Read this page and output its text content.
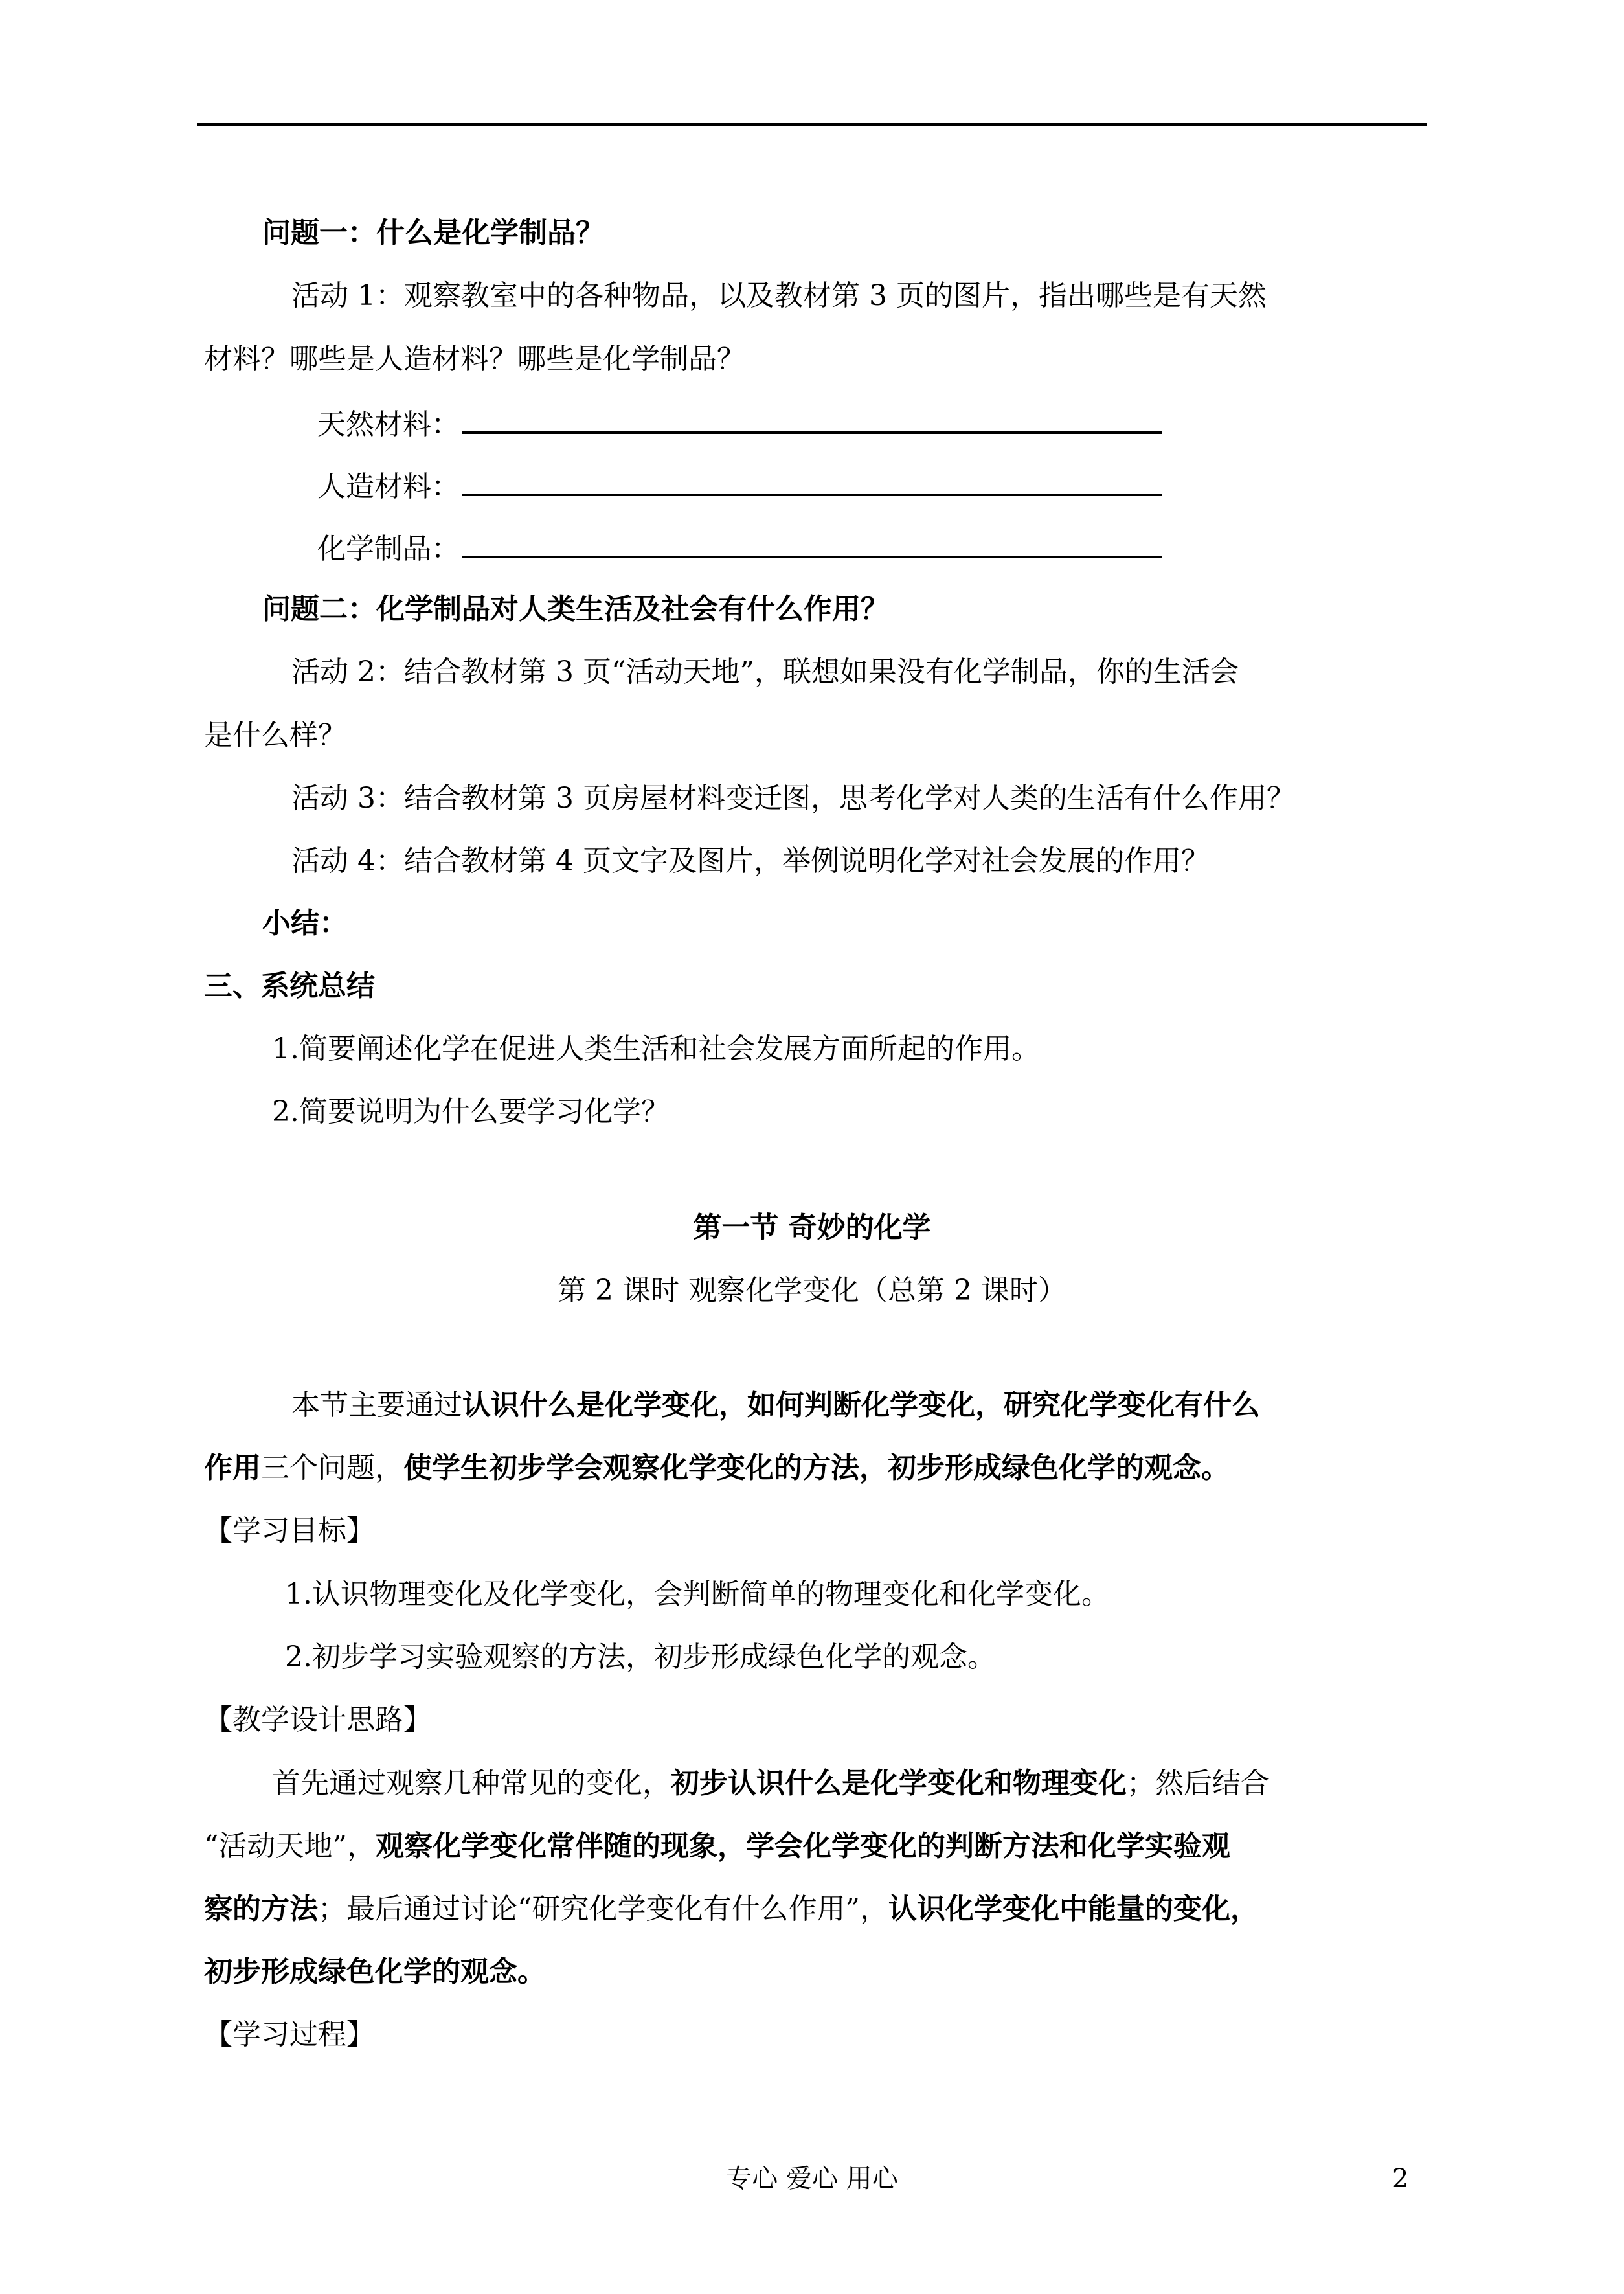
问题一：什么是化学制品？
活动 1：观察教室中的各种物品，以及教材第 3 页的图片，指出哪些是有天然
材料？哪些是人造材料？哪些是化学制品？
天然材料：
人造材料：
化学制品：
问题二：化学制品对人类生活及社会有什么作用？
活动 2：结合教材第 3 页“活动天地”，联想如果没有化学制品，你的生活会
是什么样？
活动 3：结合教材第 3 页房屋材料变迁图，思考化学对人类的生活有什么作用？
活动 4：结合教材第 4 页文字及图片，举例说明化学对社会发展的作用？
小结：
三、系统总结
1.简要阐述化学在促进人类生活和社会发展方面所起的作用。
2.简要说明为什么要学习化学？
第一节 奇妙的化学
第 2 课时 观察化学变化（总第 2 课时）
本节主要通过认识什么是化学变化，如何判断化学变化，研究化学变化有什么
作用三个问题，使学生初步学会观察化学变化的方法，初步形成绿色化学的观念。
【学习目标】
1.认识物理变化及化学变化，会判断简单的物理变化和化学变化。
2.初步学习实验观察的方法，初步形成绿色化学的观念。
【教学设计思路】
首先通过观察几种常见的变化，初步认识什么是化学变化和物理变化；然后结合
“活动天地”，观察化学变化常伴随的现象，学会化学变化的判断方法和化学实验观
察的方法；最后通过讨论“研究化学变化有什么作用”，认识化学变化中能量的变化，
初步形成绿色化学的观念。
【学习过程】
专心 爱心 用心	2
